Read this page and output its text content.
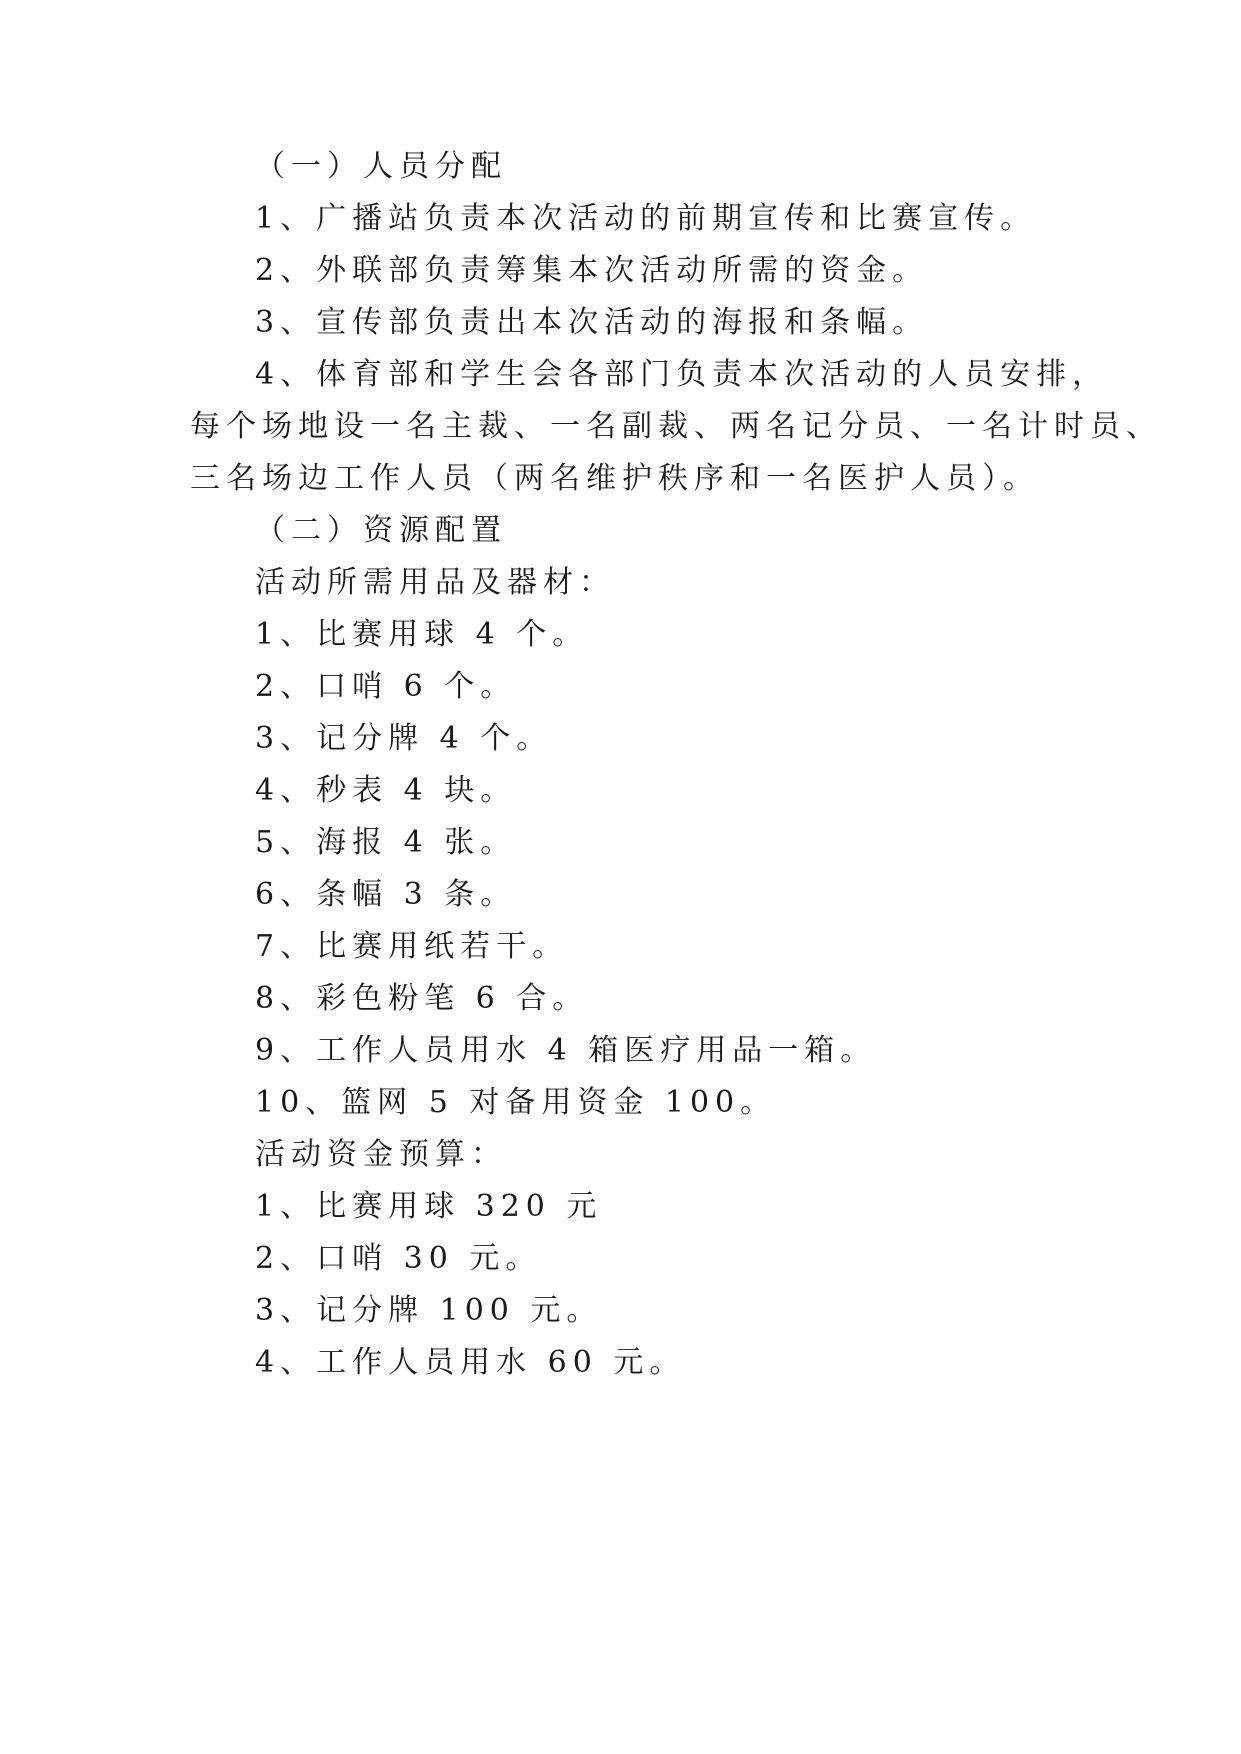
（一）人员分配
1、广播站负责本次活动的前期宣传和比赛宣传。
2、外联部负责筹集本次活动所需的资金。
3、宣传部负责出本次活动的海报和条幅。
4、体育部和学生会各部门负责本次活动的人员安排，
每个场地设一名主裁、一名副裁、两名记分员、一名计时员、
三名场边工作人员（两名维护秩序和一名医护人员）。
（二）资源配置
活动所需用品及器材：
1、比赛用球 4 个。
2、口哨 6 个。
3、记分牌 4 个。
4、秒表 4 块。
5、海报 4 张。
6、条幅 3 条。
7、比赛用纸若干。
8、彩色粉笔 6 合。
9、工作人员用水 4 箱医疗用品一箱。
10、篮网 5 对备用资金 100。
活动资金预算：
1、比赛用球 320 元
2、口哨 30 元。
3、记分牌 100 元。
4、工作人员用水 60 元。
